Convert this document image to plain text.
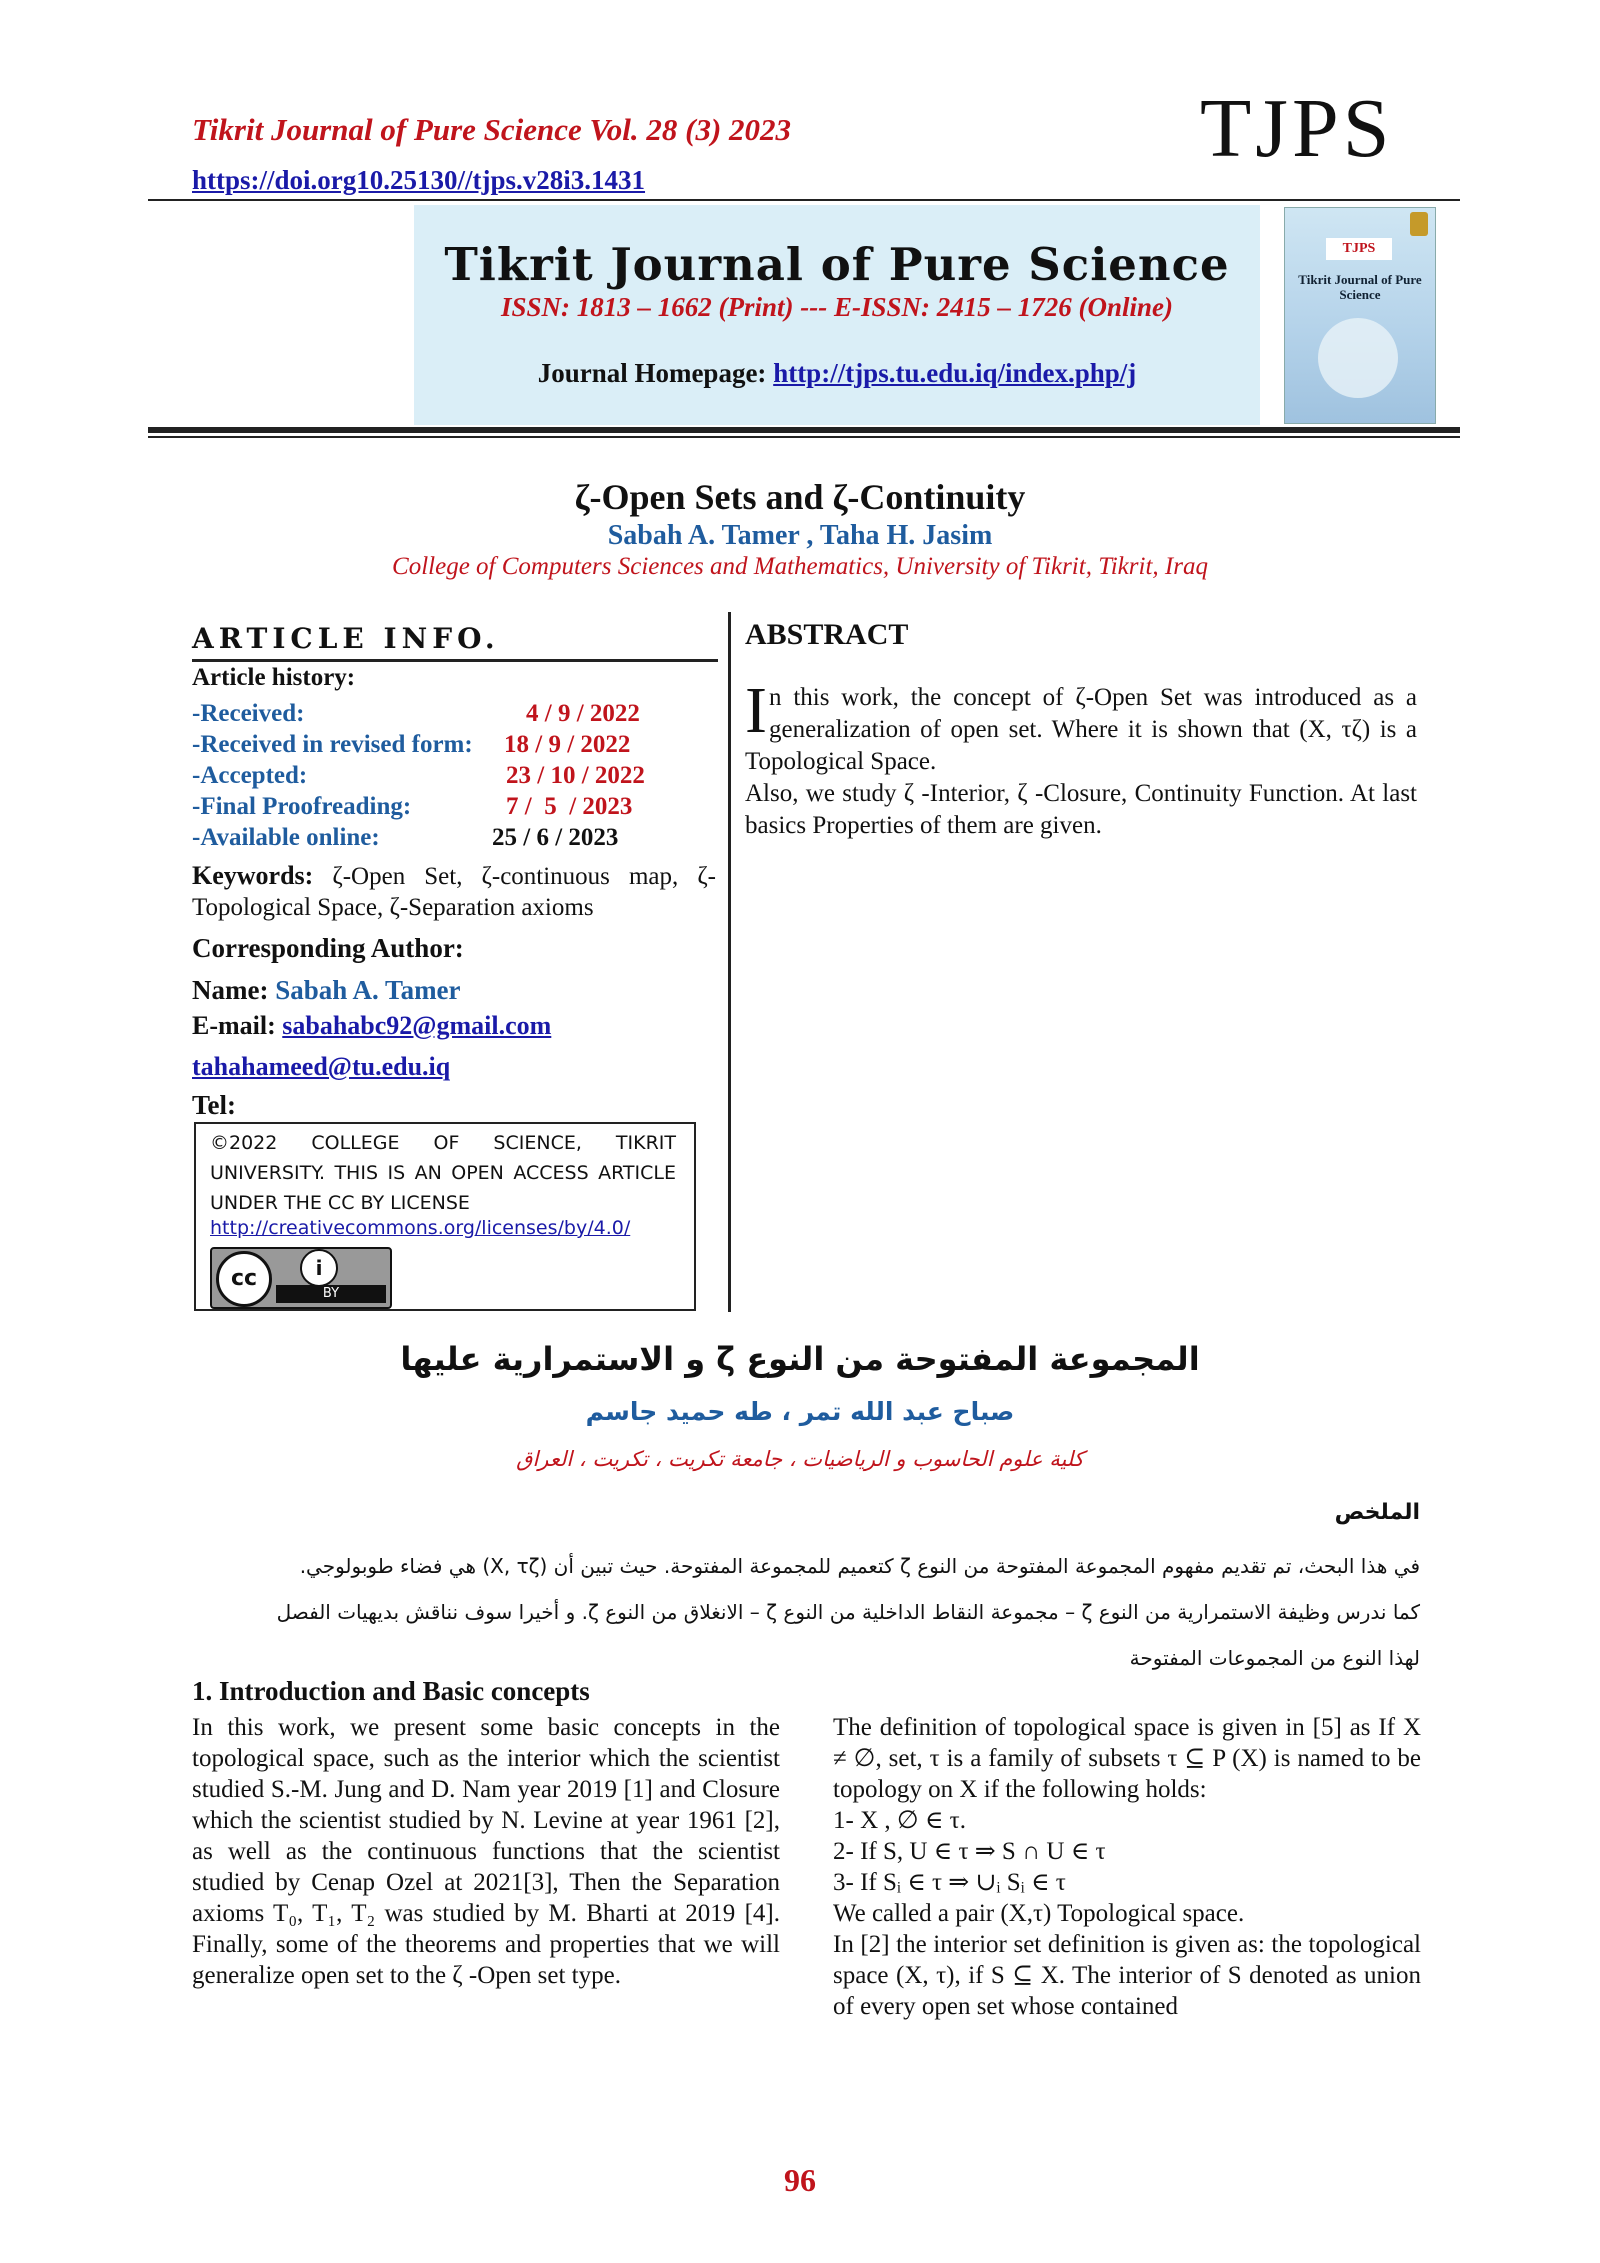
Tikrit Journal of Pure Science Vol. 28 (3) 2023
https://doi.org10.25130//tjps.v28i3.1431
TJPS
Tikrit Journal of Pure Science
ISSN: 1813 – 1662 (Print) --- E-ISSN: 2415 – 1726 (Online)
Journal Homepage: http://tjps.tu.edu.iq/index.php/j
TJPS
Tikrit Journal of Pure Science
ζ-Open Sets and ζ-Continuity
Sabah A. Tamer , Taha H. Jasim
College of Computers Sciences and Mathematics, University of Tikrit, Tikrit, Iraq
ARTICLE INFO.
Article history:
-Received:	4 / 9 / 2022
-Received in revised form: 18 / 9 / 2022
-Accepted:	23 / 10 / 2022
-Final Proofreading:	7 /  5  / 2023
-Available online:	25 / 6 / 2023
Keywords: ζ-Open Set, ζ-continuous map, ζ-Topological Space, ζ-Separation axioms
Corresponding Author:
Name: Sabah A. Tamer
E-mail: sabahabc92@gmail.com
tahahameed@tu.edu.iq
Tel:
©2022 COLLEGE OF SCIENCE, TIKRIT UNIVERSITY. THIS IS AN OPEN ACCESS ARTICLE UNDER THE CC BY LICENSE
http://creativecommons.org/licenses/by/4.0/
cc	i
BY
ABSTRACT
I n this work, the concept of ζ-Open Set was introduced as a generalization of open set. Where it is shown that (X, τζ) is a Topological Space.

Also, we study ζ -Interior, ζ -Closure, Continuity Function. At last basics Properties of them are given.

المجموعة المفتوحة من النوع ζ و الاستمرارية عليها
صباح عبد الله تمر ، طه حميد جاسم
كلية علوم الحاسوب و الرياضيات ، جامعة تكريت ، تكريت ، العراق
الملخص

في هذا البحث، تم تقديم مفهوم المجموعة المفتوحة من النوع ζ كتعميم للمجموعة المفتوحة. حيث تبين أن (X, τζ) هي فضاء طوبولوجي.

كما ندرس وظيفة الاستمرارية من النوع ζ – مجموعة النقاط الداخلية من النوع ζ – الانغلاق من النوع ζ. و أخيرا سوف نناقش بديهيات الفصل

لهذا النوع من المجموعات المفتوحة

1. Introduction and Basic concepts
In this work, we present some basic concepts in the topological space, such as the interior which the scientist studied S.-M. Jung and D. Nam year 2019 [1] and Closure which the scientist studied by N. Levine at year 1961 [2], as well as the continuous functions that the scientist studied by Cenap Ozel at 2021[3], Then the Separation axioms T₀, T₁, T₂ was studied by M. Bharti at 2019 [4]. Finally, some of the theorems and properties that we will generalize open set to the ζ -Open set type.

The definition of topological space is given in [5] as If X ≠ ∅, set, τ is a family of subsets τ ⊆ P (X) is named to be topology on X if the following holds:

1- X , ∅ ∈ τ.

2- If S, U ∈ τ ⇒ S ∩ U ∈ τ

3- If Sᵢ ∈ τ ⇒ ∪ᵢ Sᵢ ∈ τ

We called a pair (X,τ) Topological space.

In [2] the interior set definition is given as: the topological space (X, τ), if S ⊆ X. The interior of S denoted as union of every open set whose contained

96
